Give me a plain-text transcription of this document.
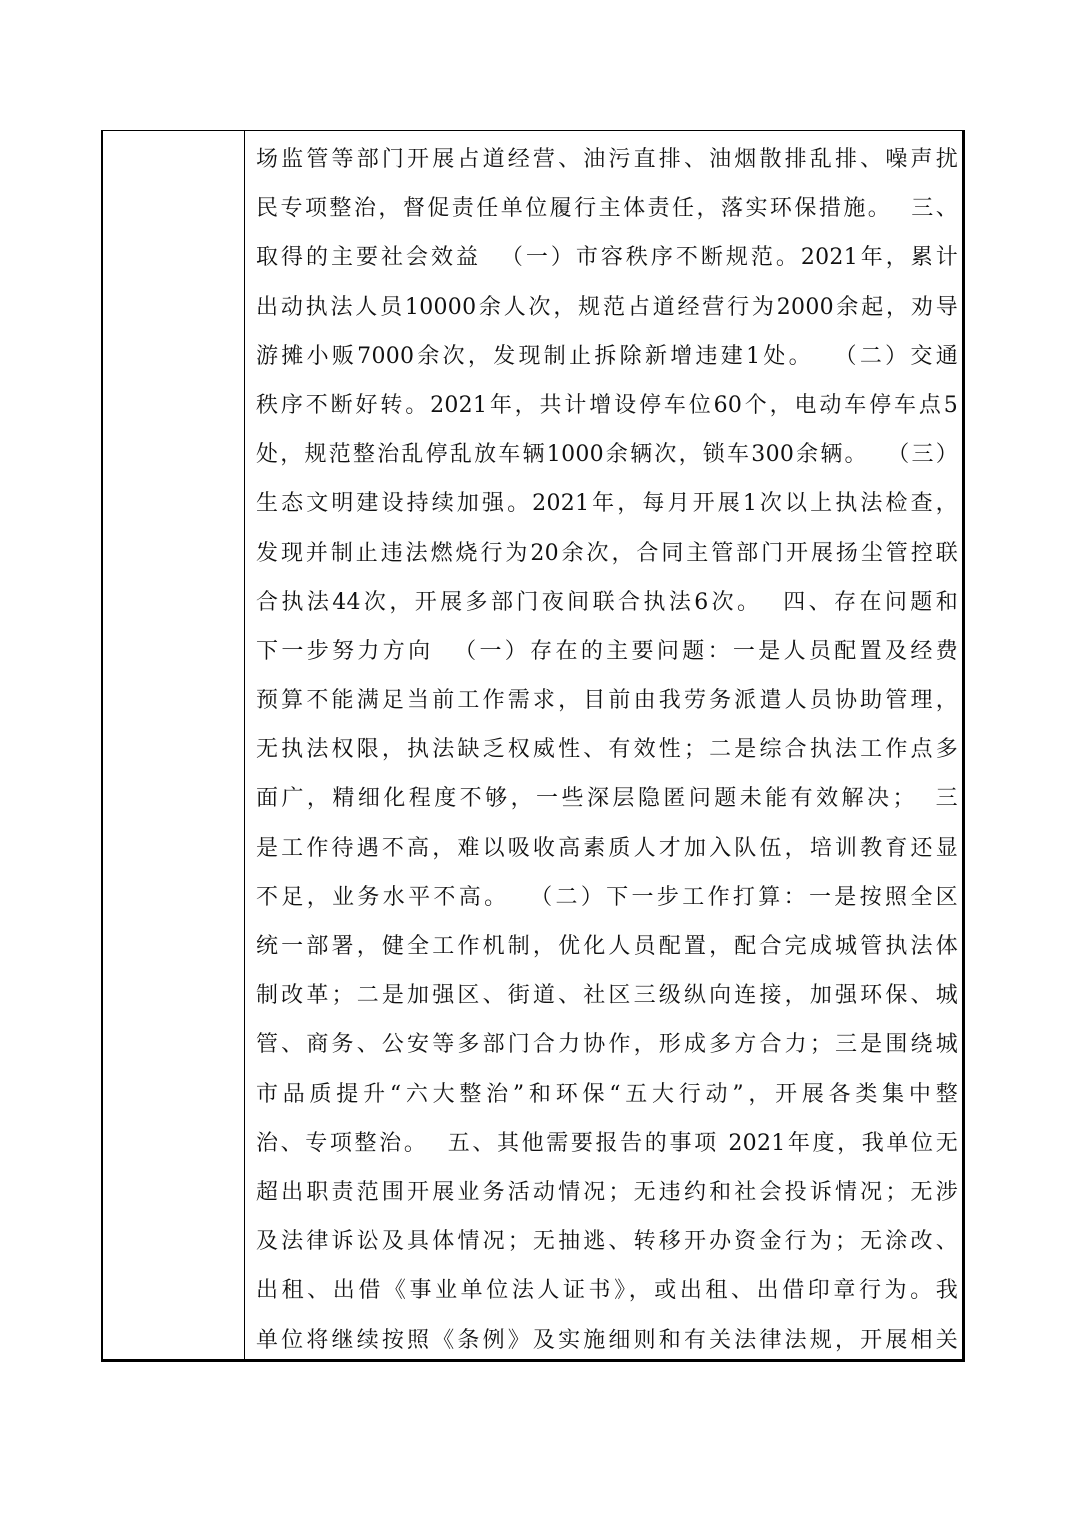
场监管等部门开展占道经营、油污直排、油烟散排乱排、噪声扰
民专项整治，督促责任单位履行主体责任，落实环保措施。  三、
取得的主要社会效益  （一）市容秩序不断规范。2021年，累计
出动执法人员10000余人次，规范占道经营行为2000余起，劝导
游摊小贩7000余次，发现制止拆除新增违建1处。  （二）交通
秩序不断好转。2021年，共计增设停车位60个，电动车停车点5
处，规范整治乱停乱放车辆1000余辆次，锁车300余辆。  （三）
生态文明建设持续加强。2021年，每月开展1次以上执法检查，
发现并制止违法燃烧行为20余次，合同主管部门开展扬尘管控联
合执法44次，开展多部门夜间联合执法6次。  四、存在问题和
下一步努力方向  （一）存在的主要问题：一是人员配置及经费
预算不能满足当前工作需求，目前由我劳务派遣人员协助管理，
无执法权限，执法缺乏权威性、有效性；二是综合执法工作点多
面广，精细化程度不够，一些深层隐匿问题未能有效解决；  三
是工作待遇不高，难以吸收高素质人才加入队伍，培训教育还显
不足，业务水平不高。  （二）下一步工作打算：一是按照全区
统一部署，健全工作机制，优化人员配置，配合完成城管执法体
制改革；二是加强区、街道、社区三级纵向连接，加强环保、城
管、商务、公安等多部门合力协作，形成多方合力；三是围绕城
市品质提升“六大整治”和环保“五大行动”，开展各类集中整
治、专项整治。  五、其他需要报告的事项 2021年度，我单位无
超出职责范围开展业务活动情况；无违约和社会投诉情况；无涉
及法律诉讼及具体情况；无抽逃、转移开办资金行为；无涂改、
出租、出借《事业单位法人证书》，或出租、出借印章行为。我
单位将继续按照《条例》及实施细则和有关法律法规，开展相关
